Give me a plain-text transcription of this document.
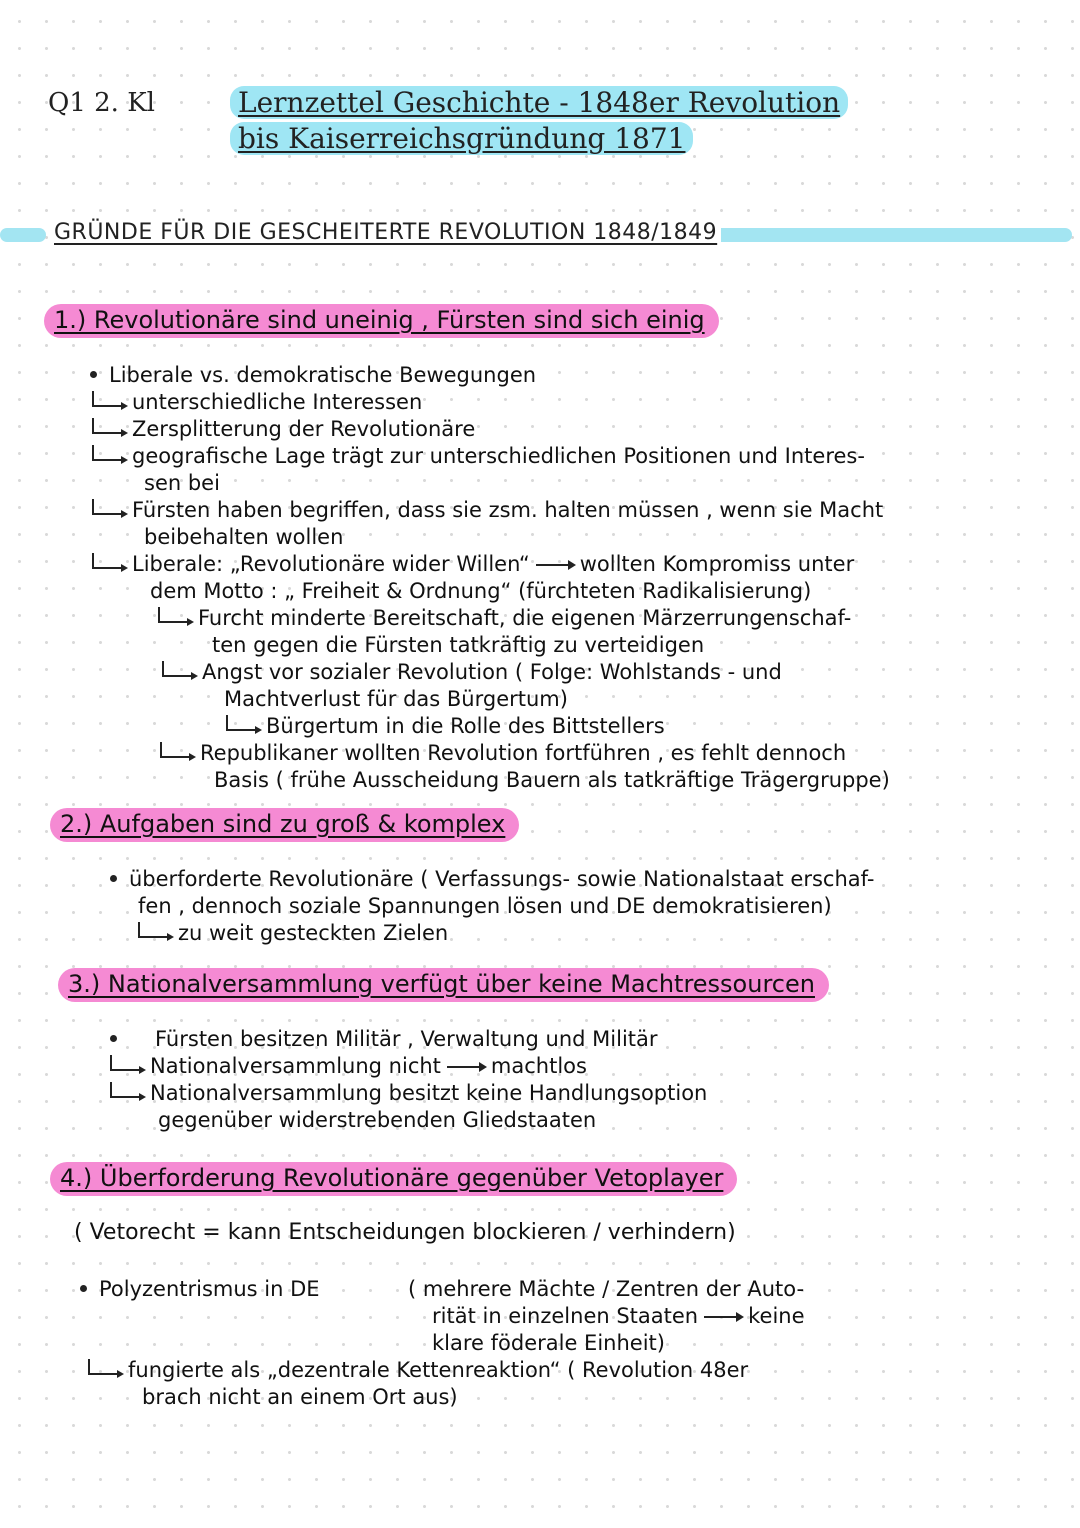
Q1 2. Kl	Lernzettel Geschichte - 1848er Revolution
bis Kaiserreichsgründung 1871
GRÜNDE FÜR DIE GESCHEITERTE REVOLUTION 1848/1849
1.) Revolutionäre sind uneinig , Fürsten sind sich einig
Liberale vs. demokratische Bewegungen
unterschiedliche Interessen
Zersplitterung der Revolutionäre
geografische Lage trägt zur unterschiedlichen Positionen und Interes-
sen bei
Fürsten haben begriffen, dass sie zsm. halten müssen , wenn sie Macht
beibehalten wollen
Liberale: „Revolutionäre wider Willen“ wollten Kompromiss unter
dem Motto : „ Freiheit & Ordnung“ (fürchteten Radikalisierung)
Furcht minderte Bereitschaft, die eigenen Märzerrungenschaf-
ten gegen die Fürsten tatkräftig zu verteidigen
Angst vor sozialer Revolution ( Folge: Wohlstands - und
Machtverlust für das Bürgertum)
Bürgertum in die Rolle des Bittstellers
Republikaner wollten Revolution fortführen , es fehlt dennoch
Basis ( frühe Ausscheidung Bauern als tatkräftige Trägergruppe)
2.) Aufgaben sind zu groß & komplex
überforderte Revolutionäre ( Verfassungs- sowie Nationalstaat erschaf-
fen , dennoch soziale Spannungen lösen und DE demokratisieren)
zu weit gesteckten Zielen
3.) Nationalversammlung verfügt über keine Machtressourcen
Fürsten besitzen Militär , Verwaltung und Militär
Nationalversammlung nicht machtlos
Nationalversammlung besitzt keine Handlungsoption
gegenüber widerstrebenden Gliedstaaten
4.) Überforderung Revolutionäre gegenüber Vetoplayer
( Vetorecht = kann Entscheidungen blockieren / verhindern)
Polyzentrismus in DE	( mehrere Mächte / Zentren der Auto-
rität in einzelnen Staaten keine
klare föderale Einheit)
fungierte als „dezentrale Kettenreaktion“ ( Revolution 48er
brach nicht an einem Ort aus)
